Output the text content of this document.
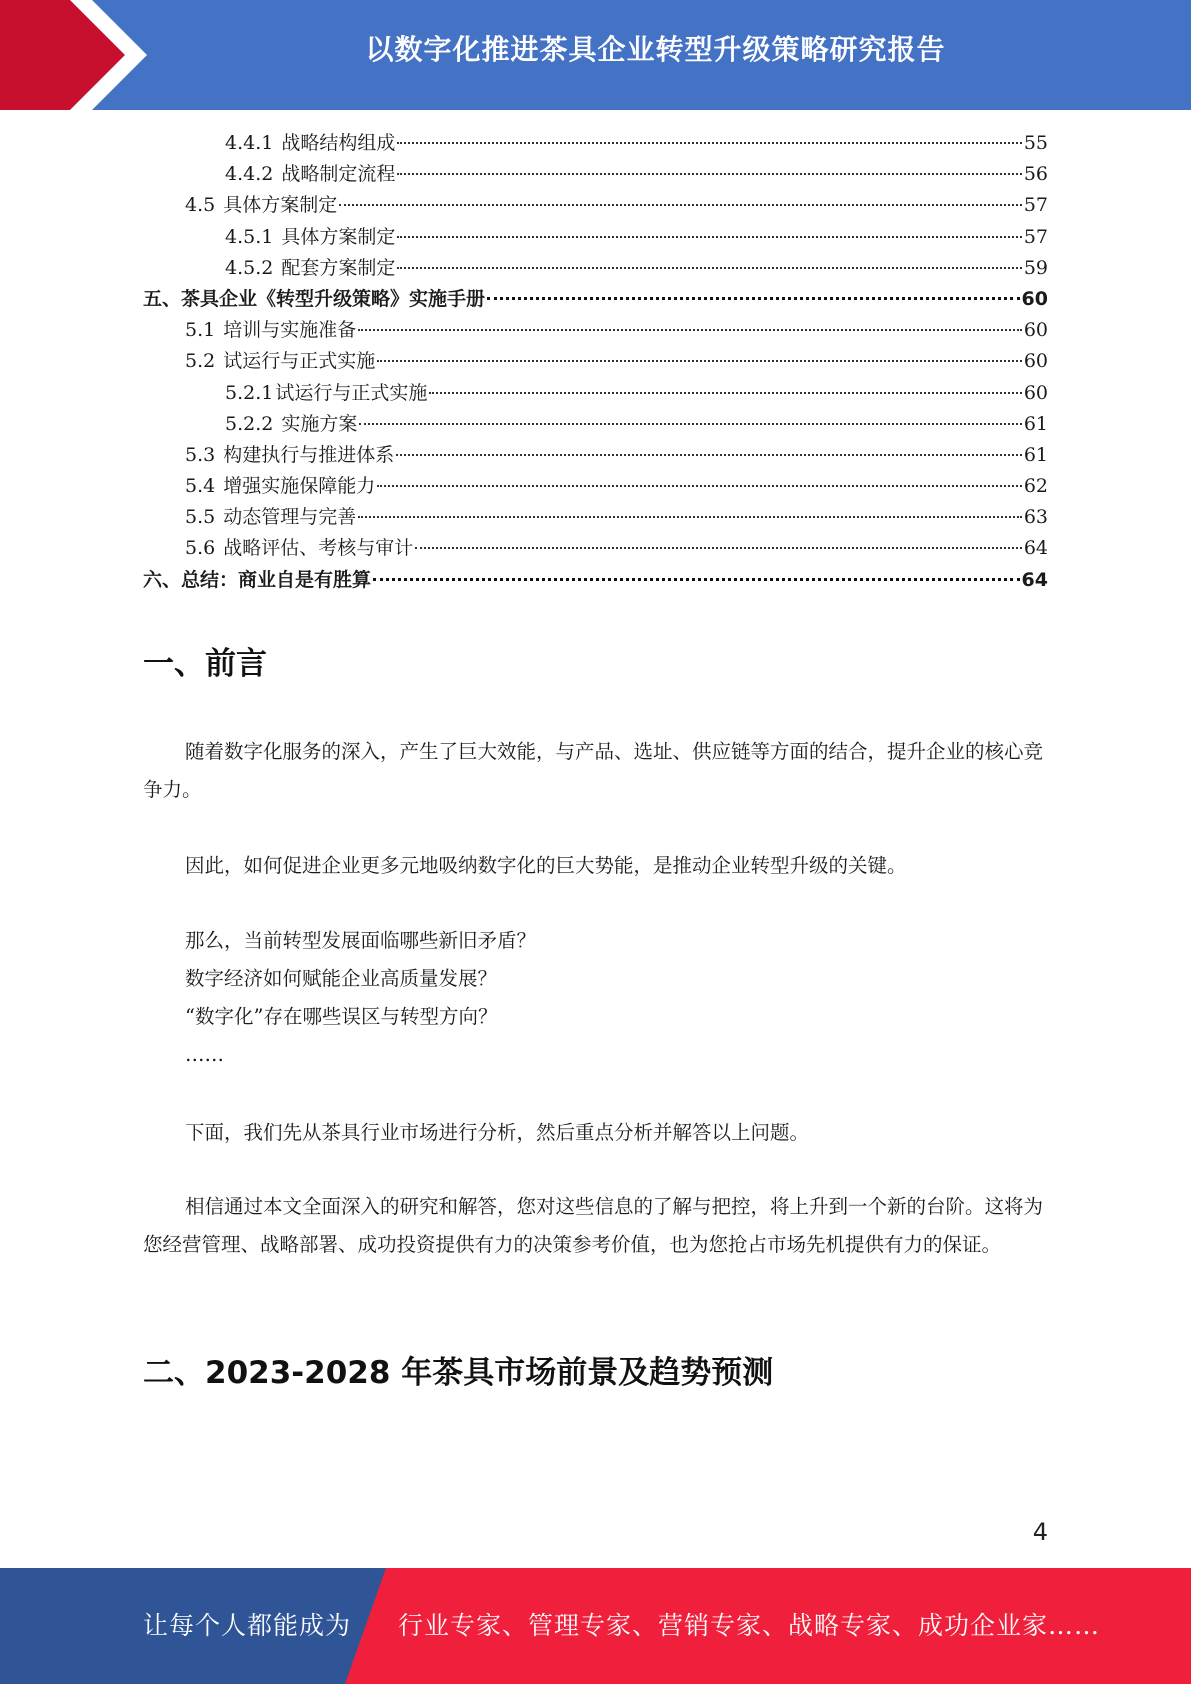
以数字化推进茶具企业转型升级策略研究报告
4.4.1 战略结构组成	55
4.4.2 战略制定流程	56
4.5 具体方案制定	57
4.5.1 具体方案制定	57
4.5.2 配套方案制定	59
五、茶具企业《转型升级策略》实施手册	60
5.1 培训与实施准备	60
5.2 试运行与正式实施	60
5.2.1 试运行与正式实施	60
5.2.2 实施方案	61
5.3 构建执行与推进体系	61
5.4 增强实施保障能力	62
5.5 动态管理与完善	63
5.6 战略评估、考核与审计	64
六、总结：商业自是有胜算	64
一、前言

随着数字化服务的深入，产生了巨大效能，与产品、选址、供应链等方面的结合，提升企业的核心竞争力。

因此，如何促进企业更多元地吸纳数字化的巨大势能，是推动企业转型升级的关键。

那么，当前转型发展面临哪些新旧矛盾？
数字经济如何赋能企业高质量发展？
“数字化”存在哪些误区与转型方向？
……

下面，我们先从茶具行业市场进行分析，然后重点分析并解答以上问题。

相信通过本文全面深入的研究和解答，您对这些信息的了解与把控，将上升到一个新的台阶。这将为您经营管理、战略部署、成功投资提供有力的决策参考价值，也为您抢占市场先机提供有力的保证。

二、2023-2028 年茶具市场前景及趋势预测
4
让每个人都能成为 行业专家、管理专家、营销专家、战略专家、成功企业家……
